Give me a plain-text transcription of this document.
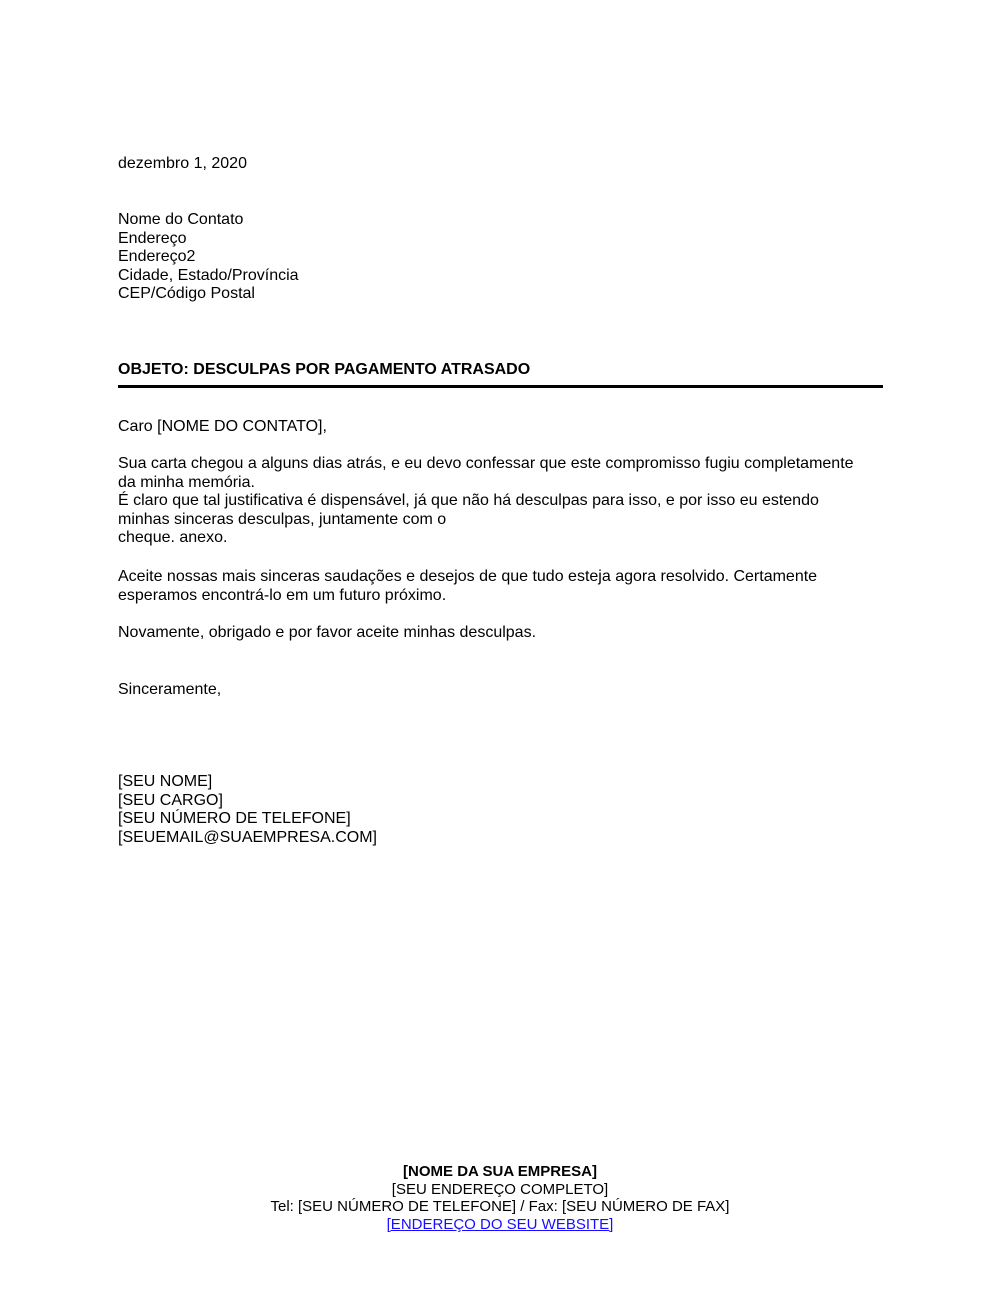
dezembro 1, 2020
Nome do Contato
Endereço
Endereço2
Cidade, Estado/Província
CEP/Código Postal
OBJETO: DESCULPAS POR PAGAMENTO ATRASADO
Caro [NOME DO CONTATO],
Sua carta chegou a alguns dias atrás, e eu devo confessar que este compromisso fugiu completamente
da minha memória.
É claro que tal justificativa é dispensável, já que não há desculpas para isso, e por isso eu estendo
minhas sinceras desculpas, juntamente com o
cheque. anexo.
Aceite nossas mais sinceras saudações e desejos de que tudo esteja agora resolvido. Certamente
esperamos encontrá-lo em um futuro próximo.
Novamente, obrigado e por favor aceite minhas desculpas.
Sinceramente,
[SEU NOME]
[SEU CARGO]
[SEU NÚMERO DE TELEFONE]
[SEUEMAIL@SUAEMPRESA.COM]
[NOME DA SUA EMPRESA]
[SEU ENDEREÇO COMPLETO]
Tel: [SEU NÚMERO DE TELEFONE] / Fax: [SEU NÚMERO DE FAX]
[ENDEREÇO DO SEU WEBSITE]
